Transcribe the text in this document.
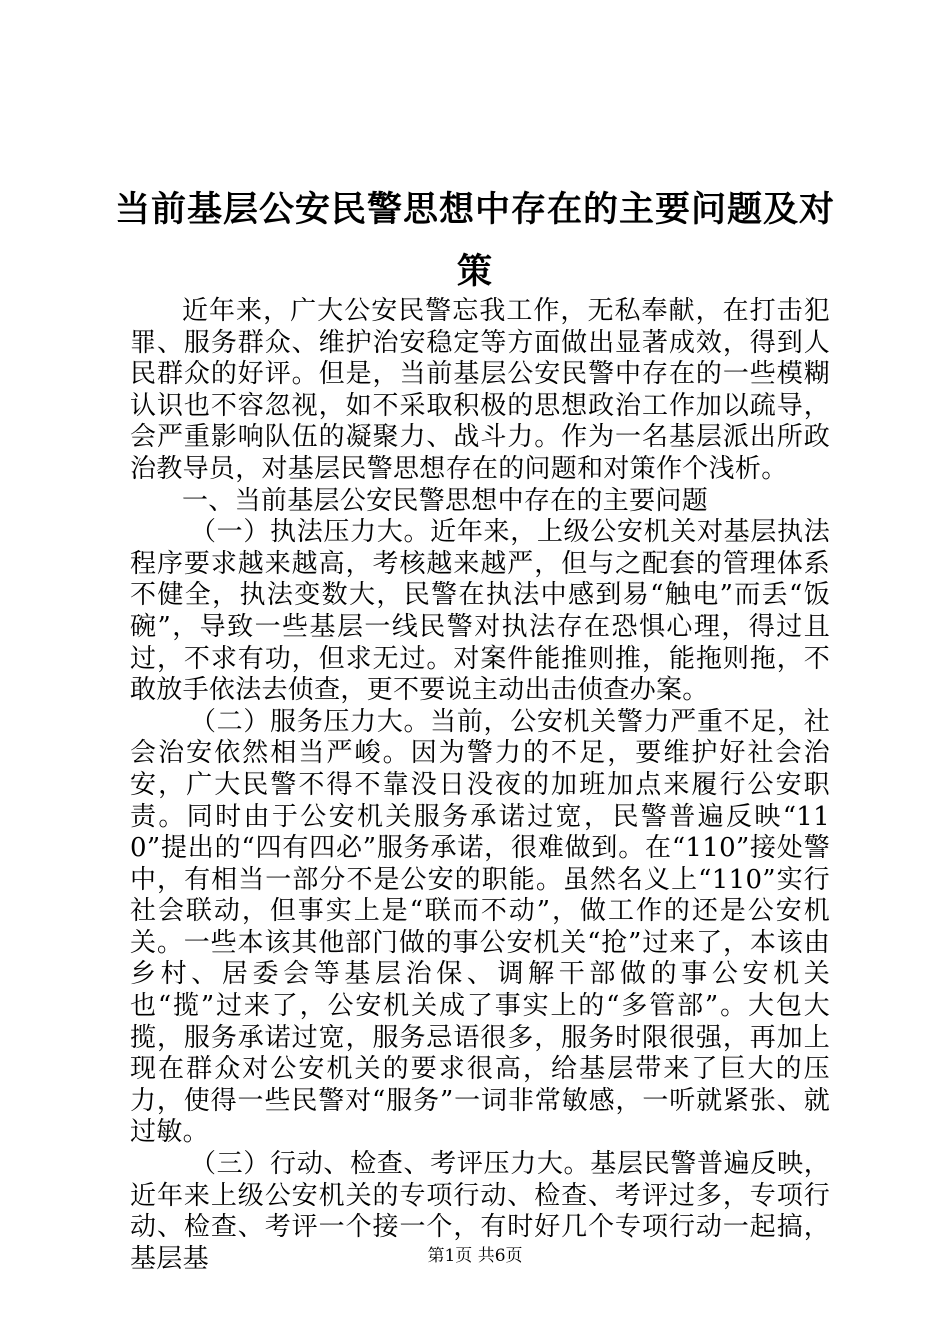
当前基层公安民警思想中存在的主要问题及对
策

近年来，广大公安民警忘我工作，无私奉献，在打击犯罪、服务群众、维护治安稳定等方面做出显著成效，得到人民群众的好评。但是，当前基层公安民警中存在的一些模糊认识也不容忽视，如不采取积极的思想政治工作加以疏导，会严重影响队伍的凝聚力、战斗力。作为一名基层派出所政治教导员，对基层民警思想存在的问题和对策作个浅析。

一、当前基层公安民警思想中存在的主要问题

（一）执法压力大。近年来，上级公安机关对基层执法程序要求越来越高，考核越来越严，但与之配套的管理体系不健全，执法变数大，民警在执法中感到易“触电”而丢“饭碗”，导致一些基层一线民警对执法存在恐惧心理，得过且过，不求有功，但求无过。对案件能推则推，能拖则拖，不敢放手依法去侦查，更不要说主动出击侦查办案。

（二）服务压力大。当前，公安机关警力严重不足，社会治安依然相当严峻。因为警力的不足，要维护好社会治安，广大民警不得不靠没日没夜的加班加点来履行公安职责。同时由于公安机关服务承诺过宽，民警普遍反映“110”提出的“四有四必”服务承诺，很难做到。在“110”接处警中，有相当一部分不是公安的职能。虽然名义上“110”实行社会联动，但事实上是“联而不动”，做工作的还是公安机关。一些本该其他部门做的事公安机关“抢”过来了，本该由乡村、居委会等基层治保、调解干部做的事公安机关也“揽”过来了，公安机关成了事实上的“多管部”。大包大揽，服务承诺过宽，服务忌语很多，服务时限很强，再加上现在群众对公安机关的要求很高，给基层带来了巨大的压力，使得一些民警对“服务”一词非常敏感，一听就紧张、就过敏。

（三）行动、检查、考评压力大。基层民警普遍反映，近年来上级公安机关的专项行动、检查、考评过多，专项行动、检查、考评一个接一个，有时好几个专项行动一起搞，基层基	第1页 共6页
